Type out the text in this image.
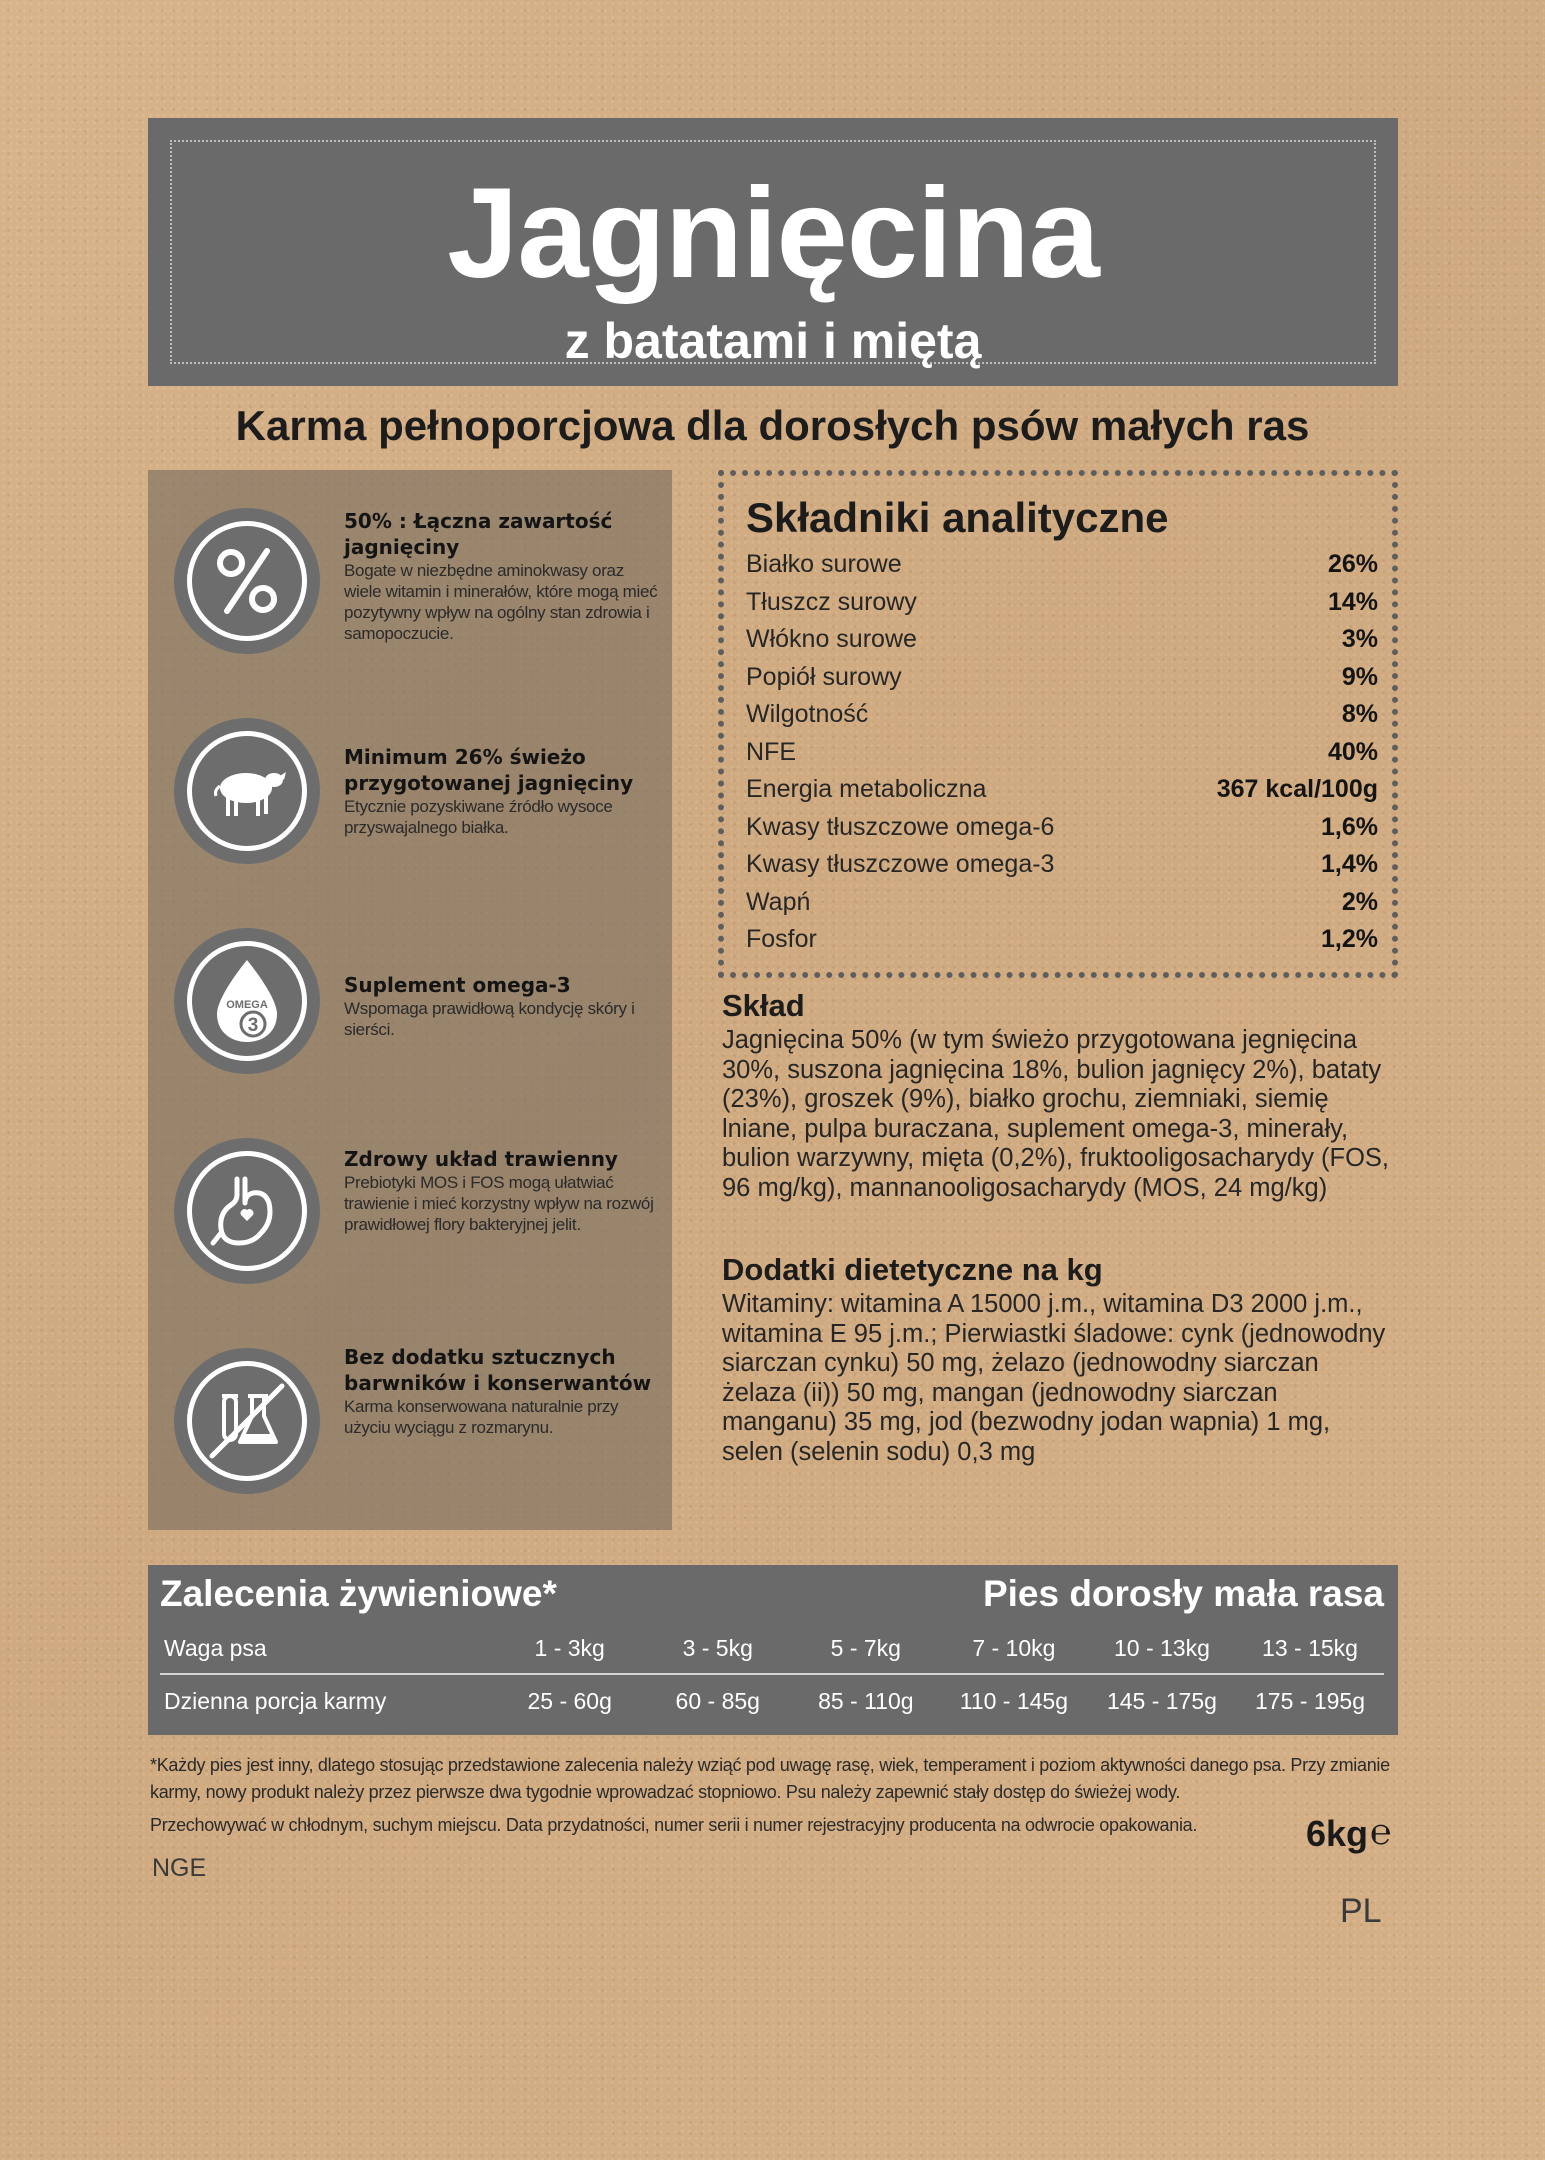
Jagnięcina
z batatami i miętą
Karma pełnoporcjowa dla dorosłych psów małych ras
50% : Łączna zawartość jagnięciny
Bogate w niezbędne aminokwasy oraz wiele witamin i minerałów, które mogą mieć pozytywny wpływ na ogólny stan zdrowia i samopoczucie.
Minimum 26% świeżo przygotowanej jagnięciny
Etycznie pozyskiwane źródło wysoce przyswajalnego białka.
OMEGA
3
Suplement omega-3
Wspomaga prawidłową kondycję skóry i sierści.
Zdrowy układ trawienny
Prebiotyki MOS i FOS mogą ułatwiać trawienie i mieć korzystny wpływ na rozwój prawidłowej flory bakteryjnej jelit.
Bez dodatku sztucznych barwników i konserwantów
Karma konserwowana naturalnie przy użyciu wyciągu z rozmarynu.
Składniki analityczne
Białko surowe	26%
Tłuszcz surowy	14%
Włókno surowe	3%
Popiół surowy	9%
Wilgotność	8%
NFE	40%
Energia metaboliczna	367 kcal/100g
Kwasy tłuszczowe omega-6	1,6%
Kwasy tłuszczowe omega-3	1,4%
Wapń	2%
Fosfor	1,2%
Skład

Jagnięcina 50% (w tym świeżo przygotowana jegnięcina 30%, suszona jagnięcina 18%, bulion jagnięcy 2%), bataty (23%), groszek (9%), białko grochu, ziemniaki, siemię lniane, pulpa buraczana, suplement omega-3, minerały, bulion warzywny, mięta (0,2%), fruktooligosacharydy (FOS, 96 mg/kg), mannanooligosacharydy (MOS, 24 mg/kg)

Dodatki dietetyczne na kg

Witaminy: witamina A 15000 j.m., witamina D3 2000 j.m., witamina E 95 j.m.; Pierwiastki śladowe: cynk (jednowodny siarczan cynku) 50 mg, żelazo (jednowodny siarczan żelaza (ii)) 50 mg, mangan (jednowodny siarczan manganu) 35 mg, jod (bezwodny jodan wapnia) 1 mg, selen (selenin sodu) 0,3 mg

Zalecenia żywieniowe*	Pies dorosły mała rasa
Waga psa	1 - 3kg	3 - 5kg	5 - 7kg	7 - 10kg	10 - 13kg	13 - 15kg
Dzienna porcja karmy	25 - 60g	60 - 85g	85 - 110g	110 - 145g	145 - 175g	175 - 195g
*Każdy pies jest inny, dlatego stosując przedstawione zalecenia należy wziąć pod uwagę rasę, wiek, temperament i poziom aktywności danego psa. Przy zmianie karmy, nowy produkt należy przez pierwsze dwa tygodnie wprowadzać stopniowo. Psu należy zapewnić stały dostęp do świeżej wody.
Przechowywać w chłodnym, suchym miejscu. Data przydatności, numer serii i numer rejestracyjny producenta na odwrocie opakowania.	6kg ℮
NGE
PL
